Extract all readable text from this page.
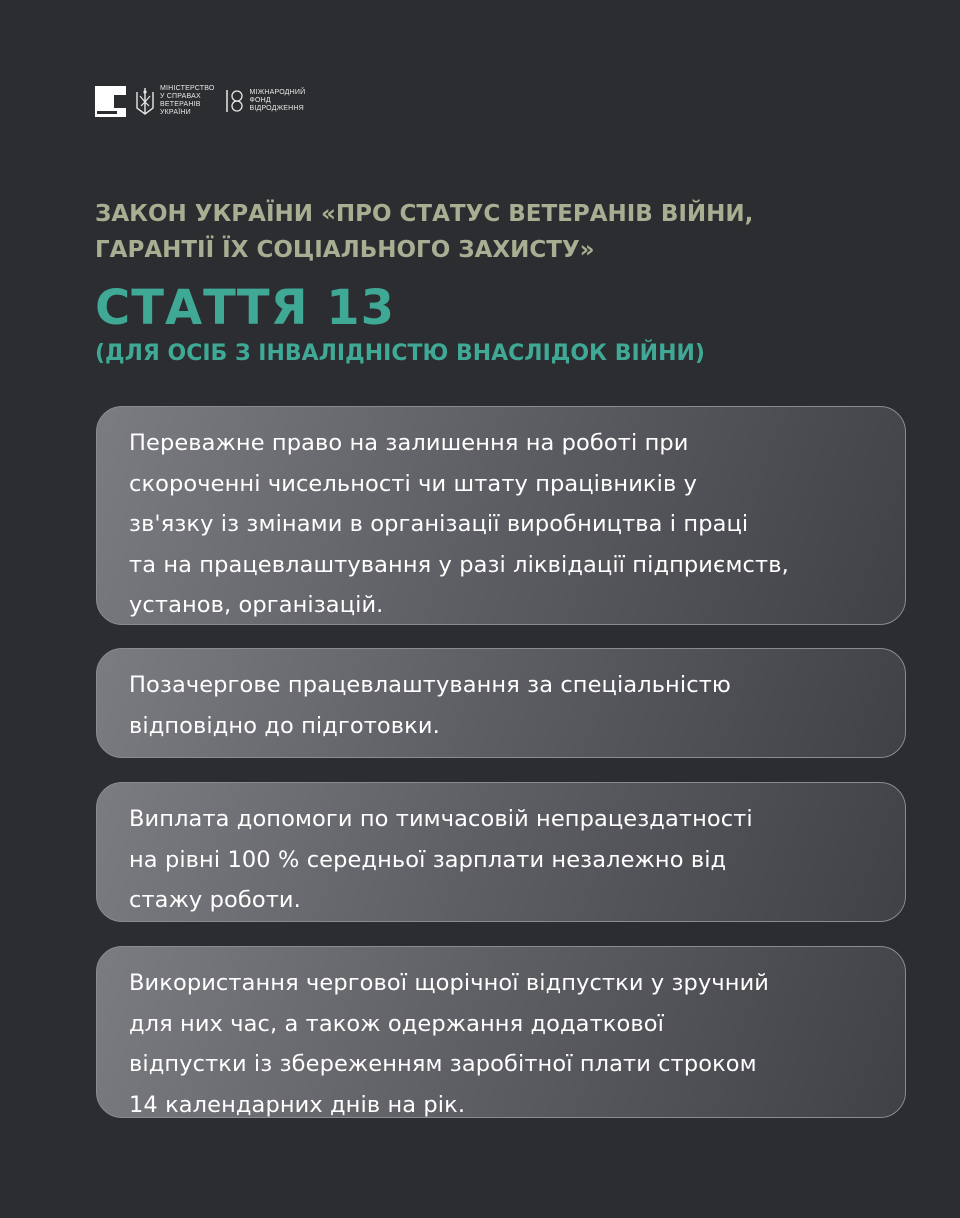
МІНІСТЕРСТВО
У СПРАВАХ
ВЕТЕРАНІВ
УКРАЇНИ
МІЖНАРОДНИЙ
ФОНД
ВІДРОДЖЕННЯ
ЗАКОН УКРАЇНИ «ПРО СТАТУС ВЕТЕРАНІВ ВІЙНИ,
ГАРАНТІЇ ЇХ СОЦІАЛЬНОГО ЗАХИСТУ»
СТАТТЯ 13
(ДЛЯ ОСІБ З ІНВАЛІДНІСТЮ ВНАСЛІДОК ВІЙНИ)

Переважне право на залишення на роботі при
скороченні чисельності чи штату працівників у
зв'язку із змінами в організації виробництва і праці
та на працевлаштування у разі ліквідації підприємств,
установ, організацій.

Позачергове працевлаштування за спеціальністю
відповідно до підготовки.

Виплата допомоги по тимчасовій непрацездатності
на рівні 100 % середньої зарплати незалежно від
стажу роботи.

Використання чергової щорічної відпустки у зручний
для них час, а також одержання додаткової
відпустки із збереженням заробітної плати строком
14 календарних днів на рік.
